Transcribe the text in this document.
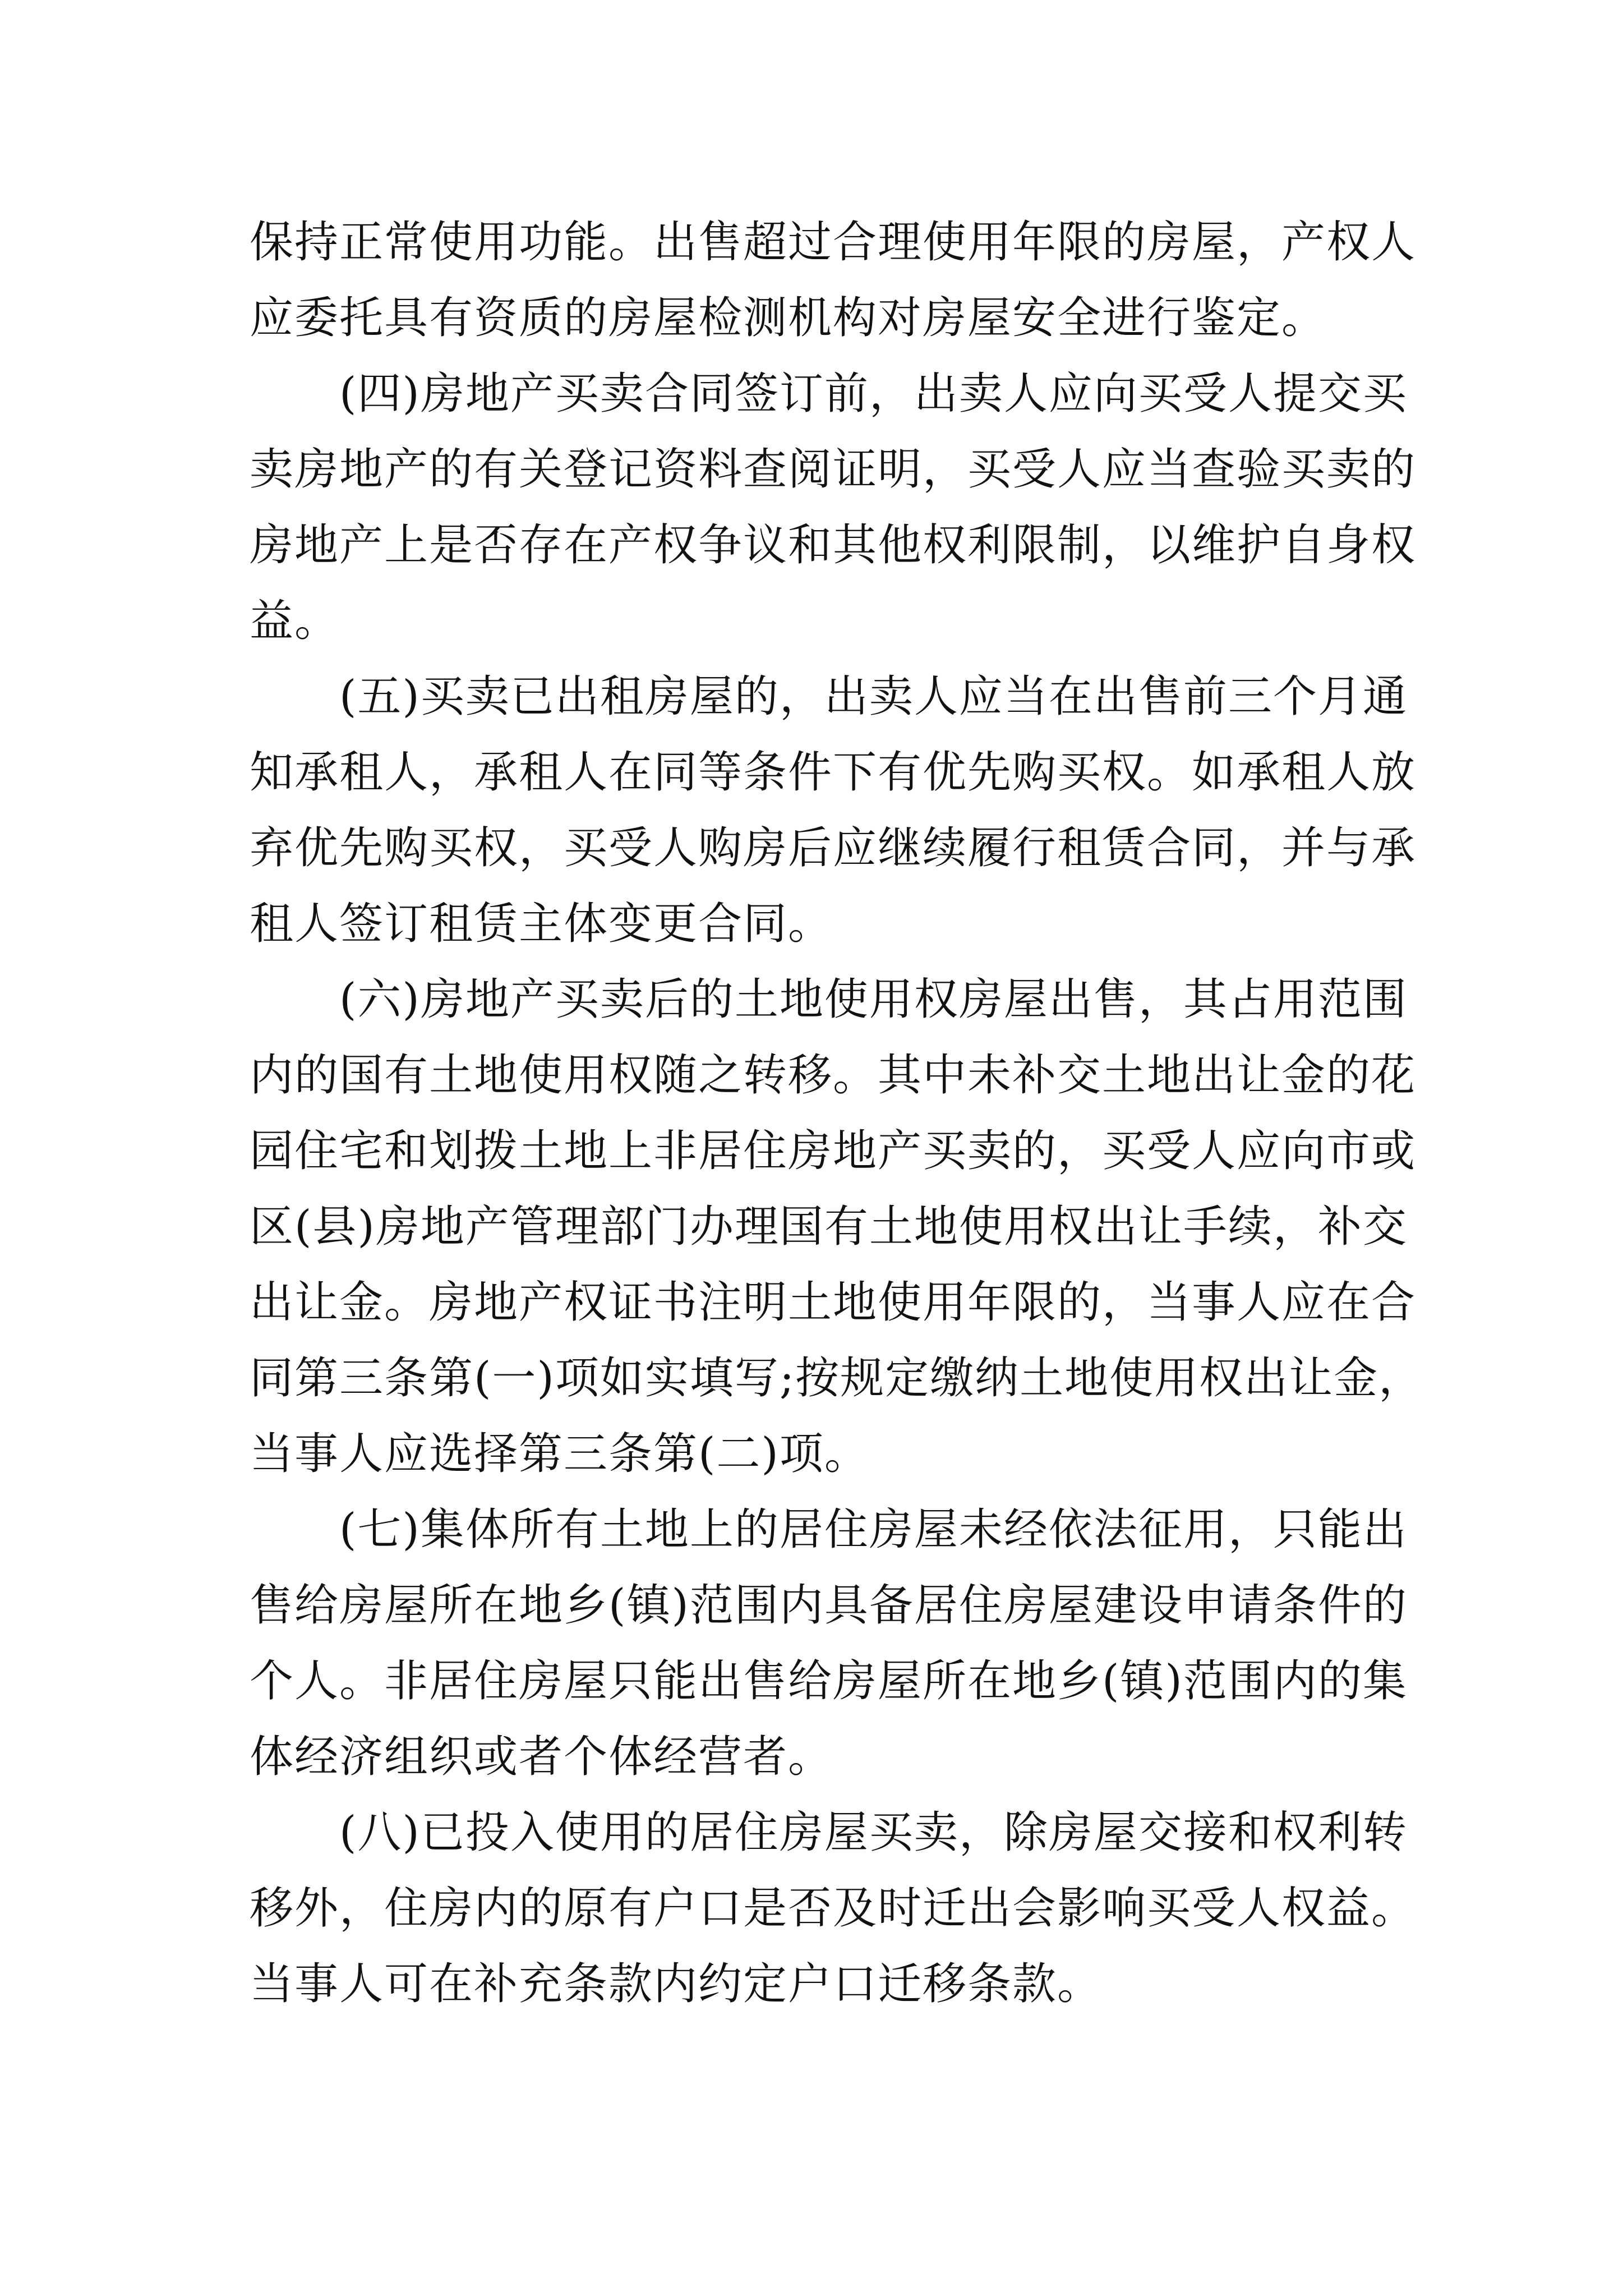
保持正常使用功能。出售超过合理使用年限的房屋，产权人
应委托具有资质的房屋检测机构对房屋安全进行鉴定。
(四)房地产买卖合同签订前，出卖人应向买受人提交买
卖房地产的有关登记资料查阅证明，买受人应当查验买卖的
房地产上是否存在产权争议和其他权利限制，以维护自身权
益。
(五)买卖已出租房屋的，出卖人应当在出售前三个月通
知承租人，承租人在同等条件下有优先购买权。如承租人放
弃优先购买权，买受人购房后应继续履行租赁合同，并与承
租人签订租赁主体变更合同。
(六)房地产买卖后的土地使用权房屋出售，其占用范围
内的国有土地使用权随之转移。其中未补交土地出让金的花
园住宅和划拨土地上非居住房地产买卖的，买受人应向市或
区(县)房地产管理部门办理国有土地使用权出让手续，补交
出让金。房地产权证书注明土地使用年限的，当事人应在合
同第三条第(一)项如实填写;按规定缴纳土地使用权出让金，
当事人应选择第三条第(二)项。
(七)集体所有土地上的居住房屋未经依法征用，只能出
售给房屋所在地乡(镇)范围内具备居住房屋建设申请条件的
个人。非居住房屋只能出售给房屋所在地乡(镇)范围内的集
体经济组织或者个体经营者。
(八)已投入使用的居住房屋买卖，除房屋交接和权利转
移外，住房内的原有户口是否及时迁出会影响买受人权益。
当事人可在补充条款内约定户口迁移条款。
